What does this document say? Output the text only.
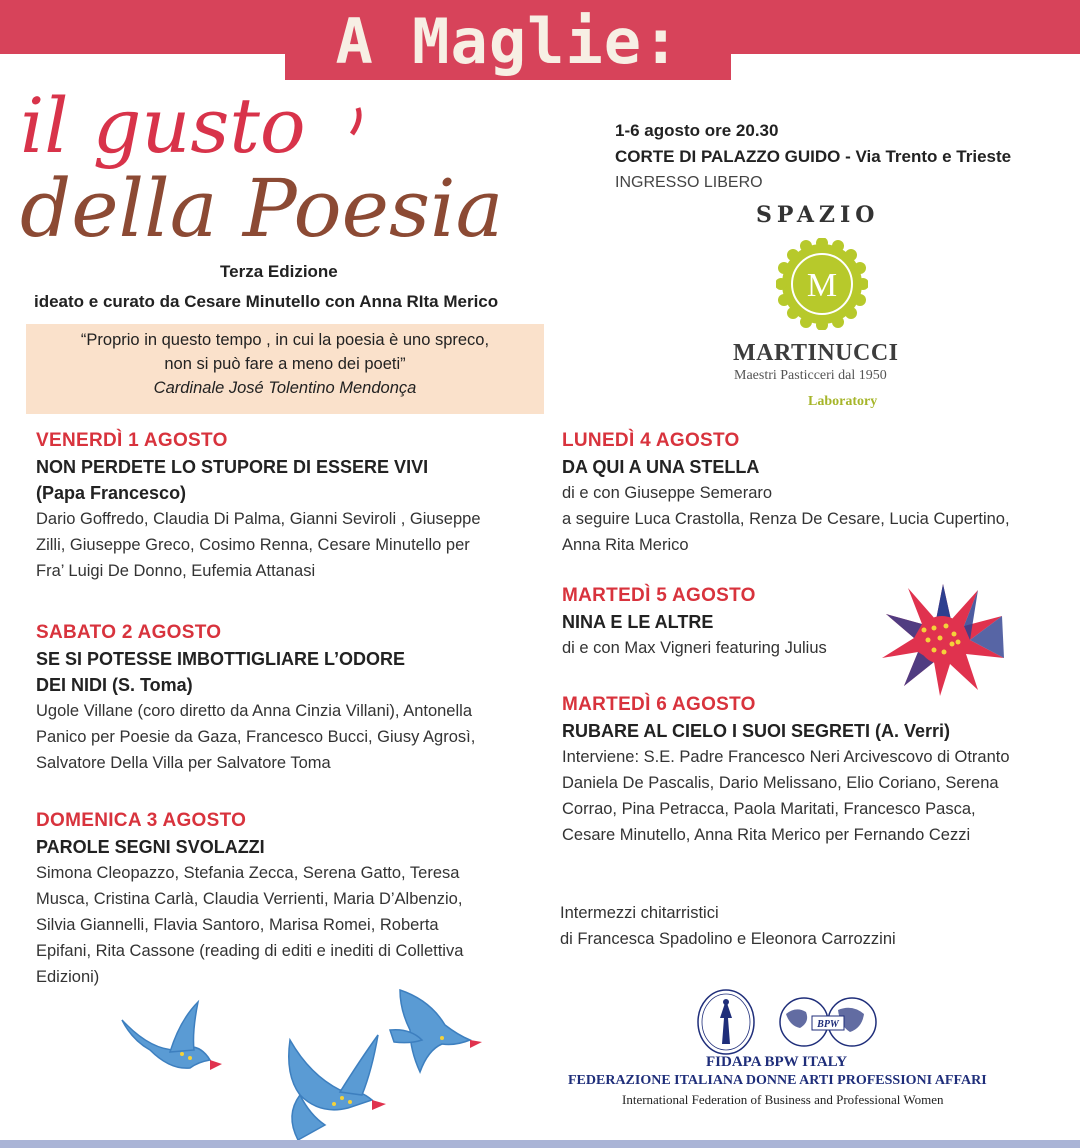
A Maglie:
il gusto
della Poesia
Terza Edizione
ideato e curato da Cesare Minutello con Anna RIta Merico
“Proprio in questo tempo , in cui la poesia è uno spreco,
non si può fare a meno dei poeti”
Cardinale José Tolentino Mendonça
1-6 agosto ore 20.30
CORTE DI PALAZZO GUIDO - Via Trento e Trieste
INGRESSO LIBERO
SPAZIO
M
MARTINUCCI
Maestri Pasticceri dal 1950
Laboratory
VENERDÌ 1 AGOSTO
NON PERDETE LO STUPORE DI ESSERE VIVI
(Papa Francesco)
Dario Goffredo, Claudia Di Palma, Gianni Seviroli , Giuseppe
Zilli, Giuseppe Greco, Cosimo Renna, Cesare Minutello per
Fra’ Luigi De Donno, Eufemia Attanasi
SABATO 2 AGOSTO
SE SI POTESSE IMBOTTIGLIARE L’ODORE
DEI NIDI (S. Toma)
Ugole Villane (coro diretto da Anna Cinzia Villani), Antonella
Panico per Poesie da Gaza, Francesco Bucci, Giusy Agrosì,
Salvatore Della Villa per Salvatore Toma
DOMENICA 3 AGOSTO
PAROLE SEGNI SVOLAZZI
Simona Cleopazzo, Stefania Zecca, Serena Gatto, Teresa
Musca, Cristina Carlà, Claudia Verrienti, Maria D’Albenzio,
Silvia Giannelli, Flavia Santoro, Marisa Romei, Roberta
Epifani, Rita Cassone (reading di editi e inediti di Collettiva
Edizioni)
LUNEDÌ 4 AGOSTO
DA QUI A UNA STELLA
di e con Giuseppe Semeraro
a seguire Luca Crastolla, Renza De Cesare, Lucia Cupertino,
Anna Rita Merico
MARTEDÌ 5 AGOSTO
NINA E LE ALTRE
di e con Max Vigneri featuring Julius
MARTEDÌ 6 AGOSTO
RUBARE AL CIELO I SUOI SEGRETI (A. Verri)
Interviene: S.E. Padre Francesco Neri Arcivescovo di Otranto
Daniela De Pascalis, Dario Melissano, Elio Coriano, Serena
Corrao, Pina Petracca, Paola Maritati, Francesco Pasca,
Cesare Minutello, Anna Rita Merico per Fernando Cezzi
Intermezzi chitarristici
di Francesca Spadolino e Eleonora Carrozzini
BPW
FIDAPA BPW ITALY
FEDERAZIONE ITALIANA DONNE ARTI PROFESSIONI AFFARI
International Federation of Business and Professional Women
